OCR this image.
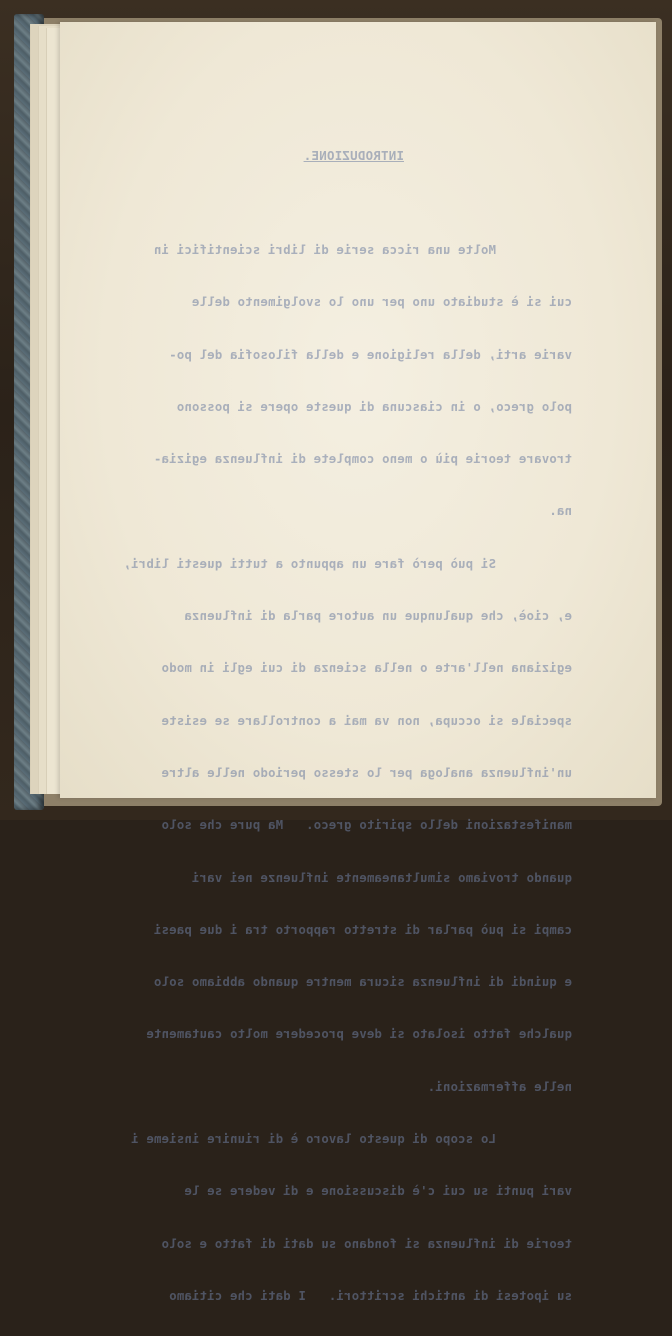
INTRODUZIONE.

Molte una ricca serie di libri scientifici in

cui si è studiato uno per uno lo svolgimento delle

varie arti, della religione e della filosofia del po-

polo greco, o in ciascuna di queste opere si possono

trovare teorie più o meno complete di influenza egizia-

na.

Si può però fare un appunto a tutti questi libri,

e, cioè, che qualunque un autore parla di influenza

egiziana nell'arte o nella scienza di cui egli in modo

speciale si occupa, non va mai a controllare se esiste

un'influenza analoga per lo stesso periodo nelle altre

manifestazioni dello spirito greco.   Ma pure che solo

quando troviamo simultaneamente influenze nei vari

campi si può parlar di stretto rapporto tra i due paesi

e quindi di influenza sicura mentre quando abbiamo solo

qualche fatto isolato si deve procedere molto cautamente

nelle affermazioni.

Lo scopo di questo lavoro è di riunire insieme i

vari punti su cui c'è discussione e di vedere se le

teorie di influenza si fondano su dati di fatto e solo

su ipotesi di antichi scrittori.   I dati che citiamo
